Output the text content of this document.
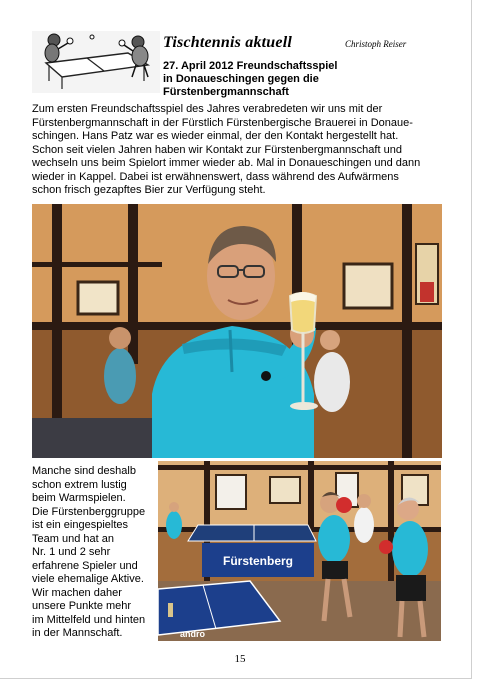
Tischtennis aktuell	Christoph Reiser
27. April 2012 Freundschaftsspiel
in Donaueschingen gegen die
Fürstenbergmannschaft
Zum ersten Freundschaftsspiel des Jahres verabredeten wir uns mit der
Fürstenbergmannschaft in der Fürstlich Fürstenbergische Brauerei in Donaue-
schingen. Hans Patz war es wieder einmal, der den Kontakt hergestellt hat.
Schon seit vielen Jahren haben wir Kontakt zur Fürstenbergmannschaft und
wechseln uns beim Spielort immer wieder ab. Mal in Donaueschingen und dann
wieder in Kappel. Dabei ist erwähnenswert, dass während des Aufwärmens
schon frisch gezapftes Bier zur Verfügung steht.
Manche sind deshalb
schon extrem lustig
beim Warmspielen.
Die Fürstenberggruppe
ist ein eingespieltes
Team und hat an
Nr. 1 und 2 sehr
erfahrene Spieler und
viele ehemalige Aktive.
Wir machen daher
unsere Punkte mehr
im Mittelfeld und hinten
in der Mannschaft.
Fürstenberg
andro
15
